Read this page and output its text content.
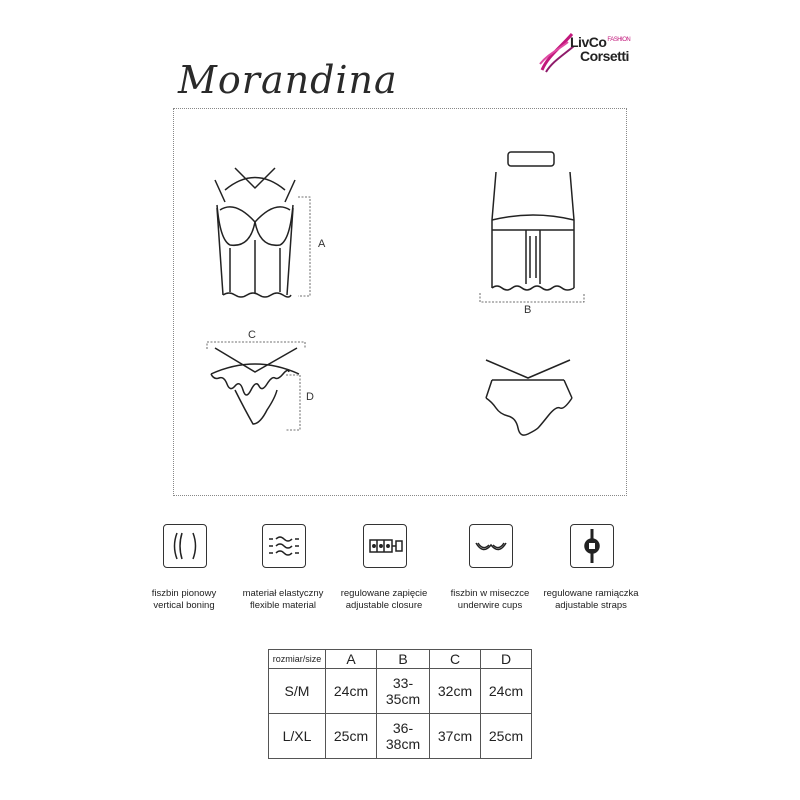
LivCo$^{FASHION}$
Corsetti
Morandina
A
B
C
D
fiszbin pionowy
vertical boning
materiał elastyczny
flexible material
regulowane zapięcie
adjustable closure
fiszbin w miseczce
underwire cups
regulowane ramiączka
adjustable straps
rozmiar/size	A	B	C	D
S/M	24cm	33-35cm	32cm	24cm
L/XL	25cm	36-38cm	37cm	25cm
